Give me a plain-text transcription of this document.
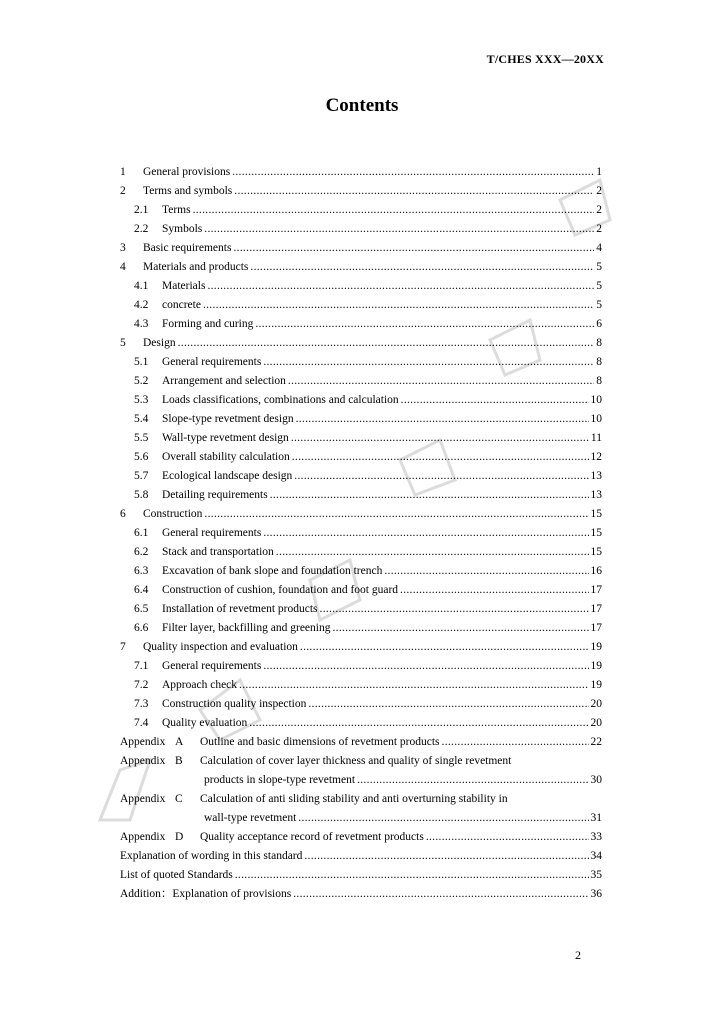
T/CHES XXX—20XX
Contents
1	General provisions .....	1
2	Terms and symbols .....	2
2.1	Terms .....	2
2.2	Symbols .....	2
3	Basic requirements .....	4
4	Materials and products .....	5
4.1	Materials .....	5
4.2	concrete .....	5
4.3	Forming and curing .....	6
5	Design .....	8
5.1	General requirements .....	8
5.2	Arrangement and selection .....	8
5.3	Loads classifications, combinations and calculation .....	10
5.4	Slope-type revetment design .....	10
5.5	Wall-type revetment design .....	11
5.6	Overall stability calculation .....	12
5.7	Ecological landscape design .....	13
5.8	Detailing requirements .....	13
6	Construction .....	15
6.1	General requirements .....	15
6.2	Stack and transportation .....	15
6.3	Excavation of bank slope and foundation trench .....	16
6.4	Construction of cushion, foundation and foot guard .....	17
6.5	Installation of revetment products .....	17
6.6	Filter layer, backfilling and greening .....	17
7	Quality inspection and evaluation .....	19
7.1	General requirements .....	19
7.2	Approach check .....	19
7.3	Construction quality inspection .....	20
7.4	Quality evaluation .....	20
Appendix A	Outline and basic dimensions of revetment products .....	22
Appendix B	Calculation of cover layer thickness and quality of single revetment
products in slope-type revetment .....	30
Appendix C	Calculation of anti sliding stability and anti overturning stability in
wall-type revetment .....	31
Appendix D	Quality acceptance record of revetment products .....	33
Explanation of wording in this standard .....	34
List of quoted Standards .....	35
Addition：Explanation of provisions .....	36
2
